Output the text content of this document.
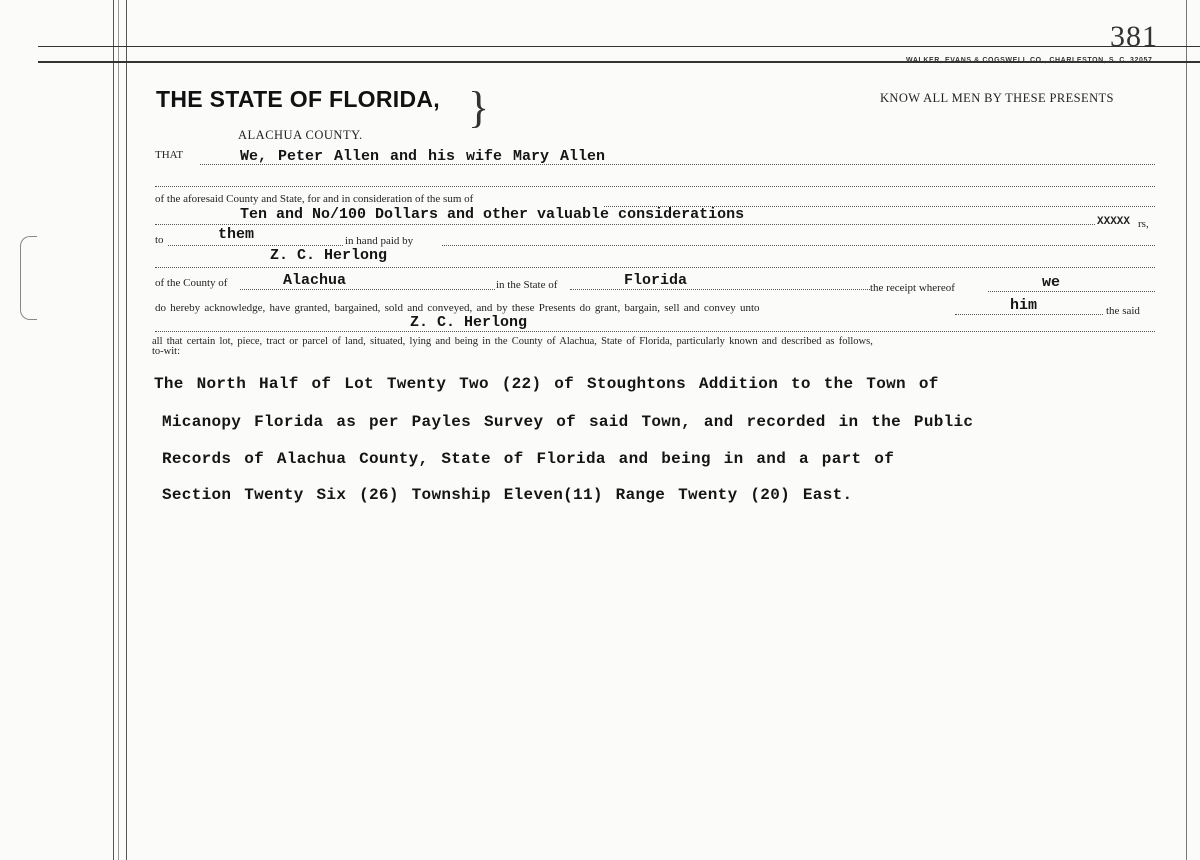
381
WALKER, EVANS & COGSWELL CO., CHARLESTON, S. C. 32057
THE STATE OF FLORIDA, }	KNOW ALL MEN BY THESE PRESENTS
ALACHUA COUNTY.
THAT	We, Peter Allen and his wife Mary Allen
of the aforesaid County and State, for and in consideration of the sum of
Ten and No/100 Dollars and other valuable considerations	XXXXX rs,
to	them	in hand paid by
Z. C. Herlong
of the County of	Alachua	in the State of	Florida	the receipt whereof	we
do hereby acknowledge, have granted, bargained, sold and conveyed, and by these Presents do grant, bargain, sell and convey unto	him	the said
Z. C. Herlong
all that certain lot, piece, tract or parcel of land, situated, lying and being in the County of Alachua, State of Florida, particularly known and described as follows,
to-wit:
The North Half of Lot Twenty Two (22) of Stoughtons Addition to the Town of
Micanopy Florida as per Payles Survey of said Town, and recorded in the Public
Records of Alachua County, State of Florida and being in and a part of
Section Twenty Six (26) Township Eleven(11) Range Twenty (20) East.
